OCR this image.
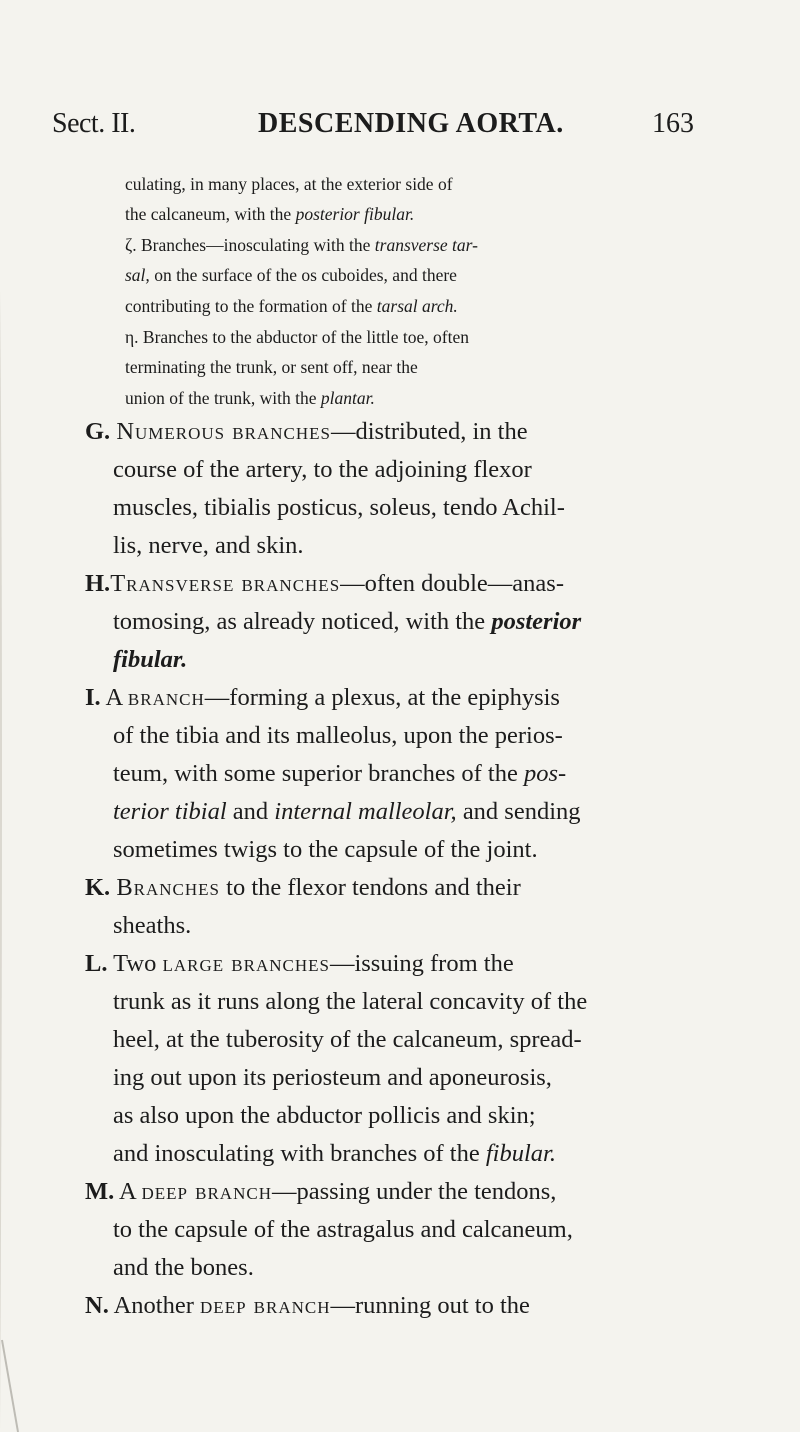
Sect. II.	DESCENDING AORTA.	163
culating, in many places, at the exterior side of
the calcaneum, with the posterior fibular.
ζ. Branches—inosculating with the transverse tar-
sal, on the surface of the os cuboides, and there
contributing to the formation of the tarsal arch.
η. Branches to the abductor of the little toe, often
terminating the trunk, or sent off, near the
union of the trunk, with the plantar.
G. Numerous branches—distributed, in the
course of the artery, to the adjoining flexor
muscles, tibialis posticus, soleus, tendo Achil-
lis, nerve, and skin.
H.Transverse branches—often double—anas-
tomosing, as already noticed, with the posterior
fibular.
I. A branch—forming a plexus, at the epiphysis
of the tibia and its malleolus, upon the perios-
teum, with some superior branches of the pos-
terior tibial and internal malleolar, and sending
sometimes twigs to the capsule of the joint.
K. Branches to the flexor tendons and their
sheaths.
L. Two large branches—issuing from the
trunk as it runs along the lateral concavity of the
heel, at the tuberosity of the calcaneum, spread-
ing out upon its periosteum and aponeurosis,
as also upon the abductor pollicis and skin;
and inosculating with branches of the fibular.
M. A deep branch—passing under the tendons,
to the capsule of the astragalus and calcaneum,
and the bones.
N. Another deep branch—running out to the
